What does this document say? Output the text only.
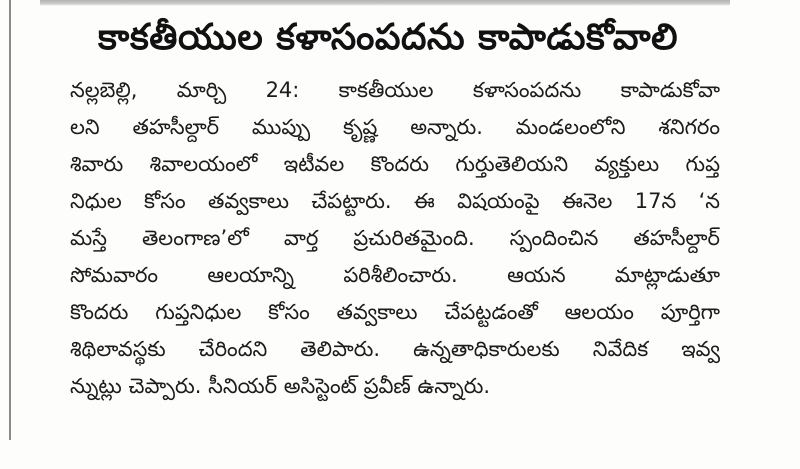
కాకతీయుల కళాసంపదను కాపాడుకోవాలి
నల్లబెల్లి, మార్చి 24: కాకతీయుల కళాసంపదను కాపాడుకోవా
లని తహసీల్దార్ ముప్పు కృష్ణ అన్నారు. మండలంలోని శనిగరం
శివారు శివాలయంలో ఇటీవల కొందరు గుర్తుతెలియని వ్యక్తులు గుప్త
నిధుల కోసం తవ్వకాలు చేపట్టారు. ఈ విషయంపై ఈనెల 17న ‘న
మస్తే తెలంగాణ’లో వార్త ప్రచురితమైంది. స్పందించిన తహసీల్దార్
సోమవారం ఆలయాన్ని పరిశీలించారు. ఆయన మాట్లాడుతూ
కొందరు గుప్తనిధుల కోసం తవ్వకాలు చేపట్టడంతో ఆలయం పూర్తిగా
శిథిలావస్థకు చేరిందని తెలిపారు. ఉన్నతాధికారులకు నివేదిక ఇవ్వ
న్నుట్లు చెప్పారు. సీనియర్ అసిస్టెంట్ ప్రవీణ్ ఉన్నారు.
